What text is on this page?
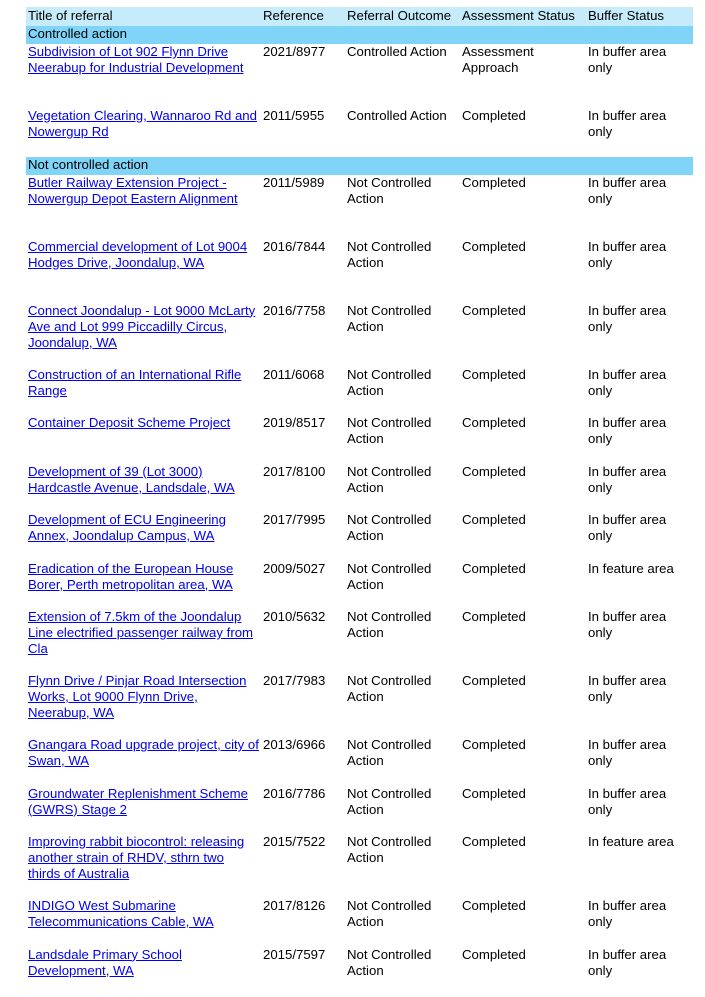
Title of referral	Reference	Referral Outcome	Assessment Status	Buffer Status
Controlled action				
Subdivision of Lot 902 Flynn Drive Neerabup for Industrial Development	2021/8977	Controlled Action	Assessment Approach	In buffer area only
Vegetation Clearing, Wannaroo Rd and Nowergup Rd	2011/5955	Controlled Action	Completed	In buffer area only
Not controlled action				
Butler Railway Extension Project - Nowergup Depot Eastern Alignment	2011/5989	Not Controlled Action	Completed	In buffer area only
Commercial development of Lot 9004 Hodges Drive, Joondalup, WA	2016/7844	Not Controlled Action	Completed	In buffer area only
Connect Joondalup - Lot 9000 McLarty Ave and Lot 999 Piccadilly Circus, Joondalup, WA	2016/7758	Not Controlled Action	Completed	In buffer area only
Construction of an International Rifle Range	2011/6068	Not Controlled Action	Completed	In buffer area only
Container Deposit Scheme Project	2019/8517	Not Controlled Action	Completed	In buffer area only
Development of 39 (Lot 3000) Hardcastle Avenue, Landsdale, WA	2017/8100	Not Controlled Action	Completed	In buffer area only
Development of ECU Engineering Annex, Joondalup Campus, WA	2017/7995	Not Controlled Action	Completed	In buffer area only
Eradication of the European House Borer, Perth metropolitan area, WA	2009/5027	Not Controlled Action	Completed	In feature area
Extension of 7.5km of the Joondalup Line electrified passenger railway from Cla	2010/5632	Not Controlled Action	Completed	In buffer area only
Flynn Drive / Pinjar Road Intersection Works, Lot 9000 Flynn Drive, Neerabup, WA	2017/7983	Not Controlled Action	Completed	In buffer area only
Gnangara Road upgrade project, city of Swan, WA	2013/6966	Not Controlled Action	Completed	In buffer area only
Groundwater Replenishment Scheme (GWRS) Stage 2	2016/7786	Not Controlled Action	Completed	In buffer area only
Improving rabbit biocontrol: releasing another strain of RHDV, sthrn two thirds of Australia	2015/7522	Not Controlled Action	Completed	In feature area
INDIGO West Submarine Telecommunications Cable, WA	2017/8126	Not Controlled Action	Completed	In buffer area only
Landsdale Primary School Development, WA	2015/7597	Not Controlled Action	Completed	In buffer area only
